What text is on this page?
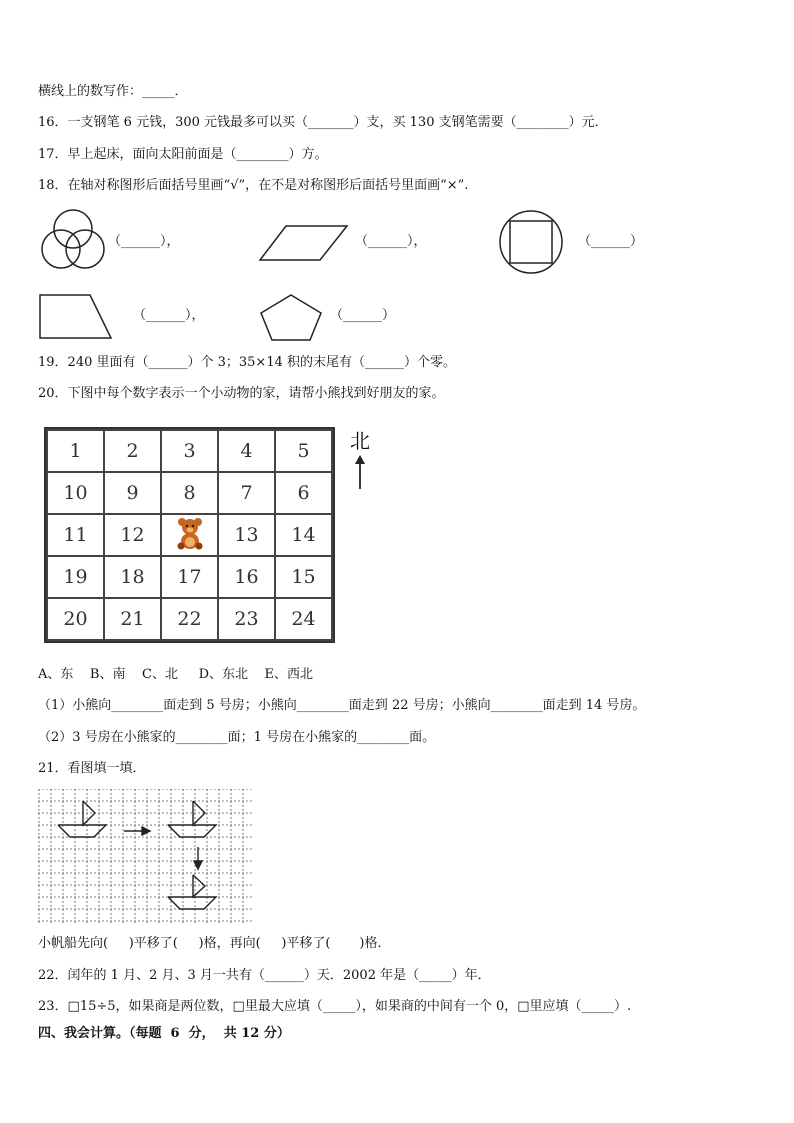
横线上的数写作：_____．
16．一支钢笔 6 元钱，300 元钱最多可以买（_______）支，买 130 支钢笔需要（________）元．
17．早上起床，面向太阳前面是（________）方。
18．在轴对称图形后面括号里画“√”，在不是对称图形后面括号里面画“×”.
（______），	（______），	（______）
（______），	（______）
19．240 里面有（______）个 3；35×14 积的末尾有（______）个零。
20．下图中每个数字表示一个小动物的家，请帮小熊找到好朋友的家。
1	2	3	4	5
10	9	8	7	6
11	12		13	14
19	18	17	16	15
20	21	22	23	24
北
A、东    B、南    C、北     D、东北    E、西北
（1）小熊向________面走到 5 号房；小熊向________面走到 22 号房；小熊向________面走到 14 号房。
（2）3 号房在小熊家的________面；1 号房在小熊家的________面。
21．看图填一填．
小帆船先向(     )平移了(     )格，再向(     )平移了(       )格．
22．闰年的 1 月、2 月、3 月一共有（______）天．2002 年是（_____）年．
23．□15÷5，如果商是两位数，□里最大应填（_____），如果商的中间有一个 0，□里应填（_____）.
四、我会计算。（每题  6  分，  共 12 分）
